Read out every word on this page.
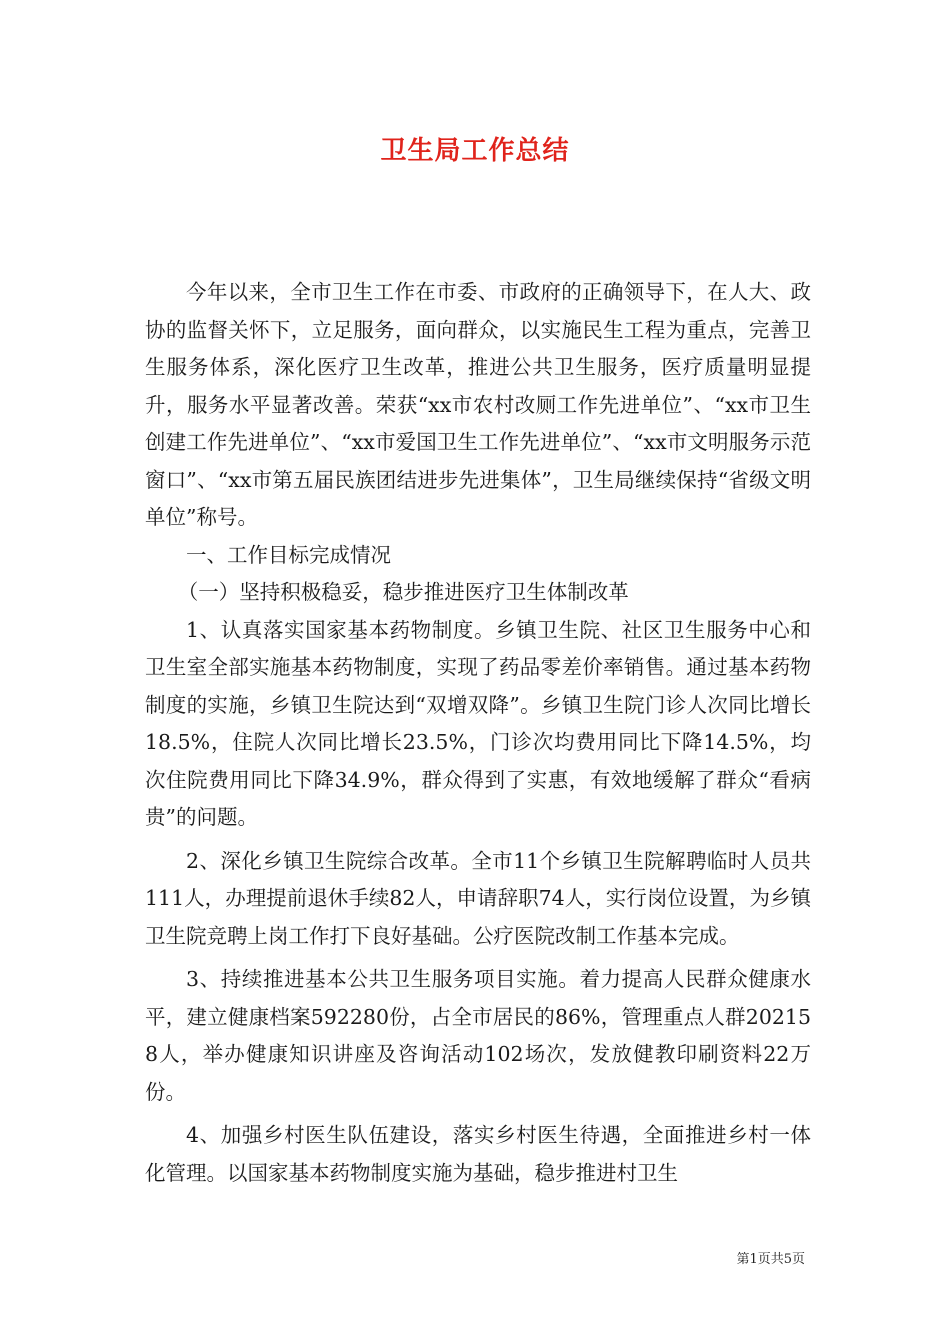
卫生局工作总结

今年以来，全市卫生工作在市委、市政府的正确领导下，在人大、政协的监督关怀下，立足服务，面向群众，以实施民生工程为重点，完善卫生服务体系，深化医疗卫生改革，推进公共卫生服务，医疗质量明显提升，服务水平显著改善。荣获“xx市农村改厕工作先进单位”、“xx市卫生创建工作先进单位”、“xx市爱国卫生工作先进单位”、“xx市文明服务示范窗口”、“xx市第五届民族团结进步先进集体”，卫生局继续保持“省级文明单位”称号。

一、工作目标完成情况

（一）坚持积极稳妥，稳步推进医疗卫生体制改革

1、认真落实国家基本药物制度。乡镇卫生院、社区卫生服务中心和卫生室全部实施基本药物制度，实现了药品零差价率销售。通过基本药物制度的实施，乡镇卫生院达到“双增双降”。乡镇卫生院门诊人次同比增长18.5%，住院人次同比增长23.5%，门诊次均费用同比下降14.5%，均次住院费用同比下降34.9%，群众得到了实惠，有效地缓解了群众“看病贵”的问题。

2、深化乡镇卫生院综合改革。全市11个乡镇卫生院解聘临时人员共111人，办理提前退休手续82人，申请辞职74人，实行岗位设置，为乡镇卫生院竞聘上岗工作打下良好基础。公疗医院改制工作基本完成。

3、持续推进基本公共卫生服务项目实施。着力提高人民群众健康水平，建立健康档案592280份，占全市居民的86%，管理重点人群202158人，举办健康知识讲座及咨询活动102场次，发放健教印刷资料22万份。

4、加强乡村医生队伍建设，落实乡村医生待遇，全面推进乡村一体化管理。以国家基本药物制度实施为基础，稳步推进村卫生

第1页共5页
